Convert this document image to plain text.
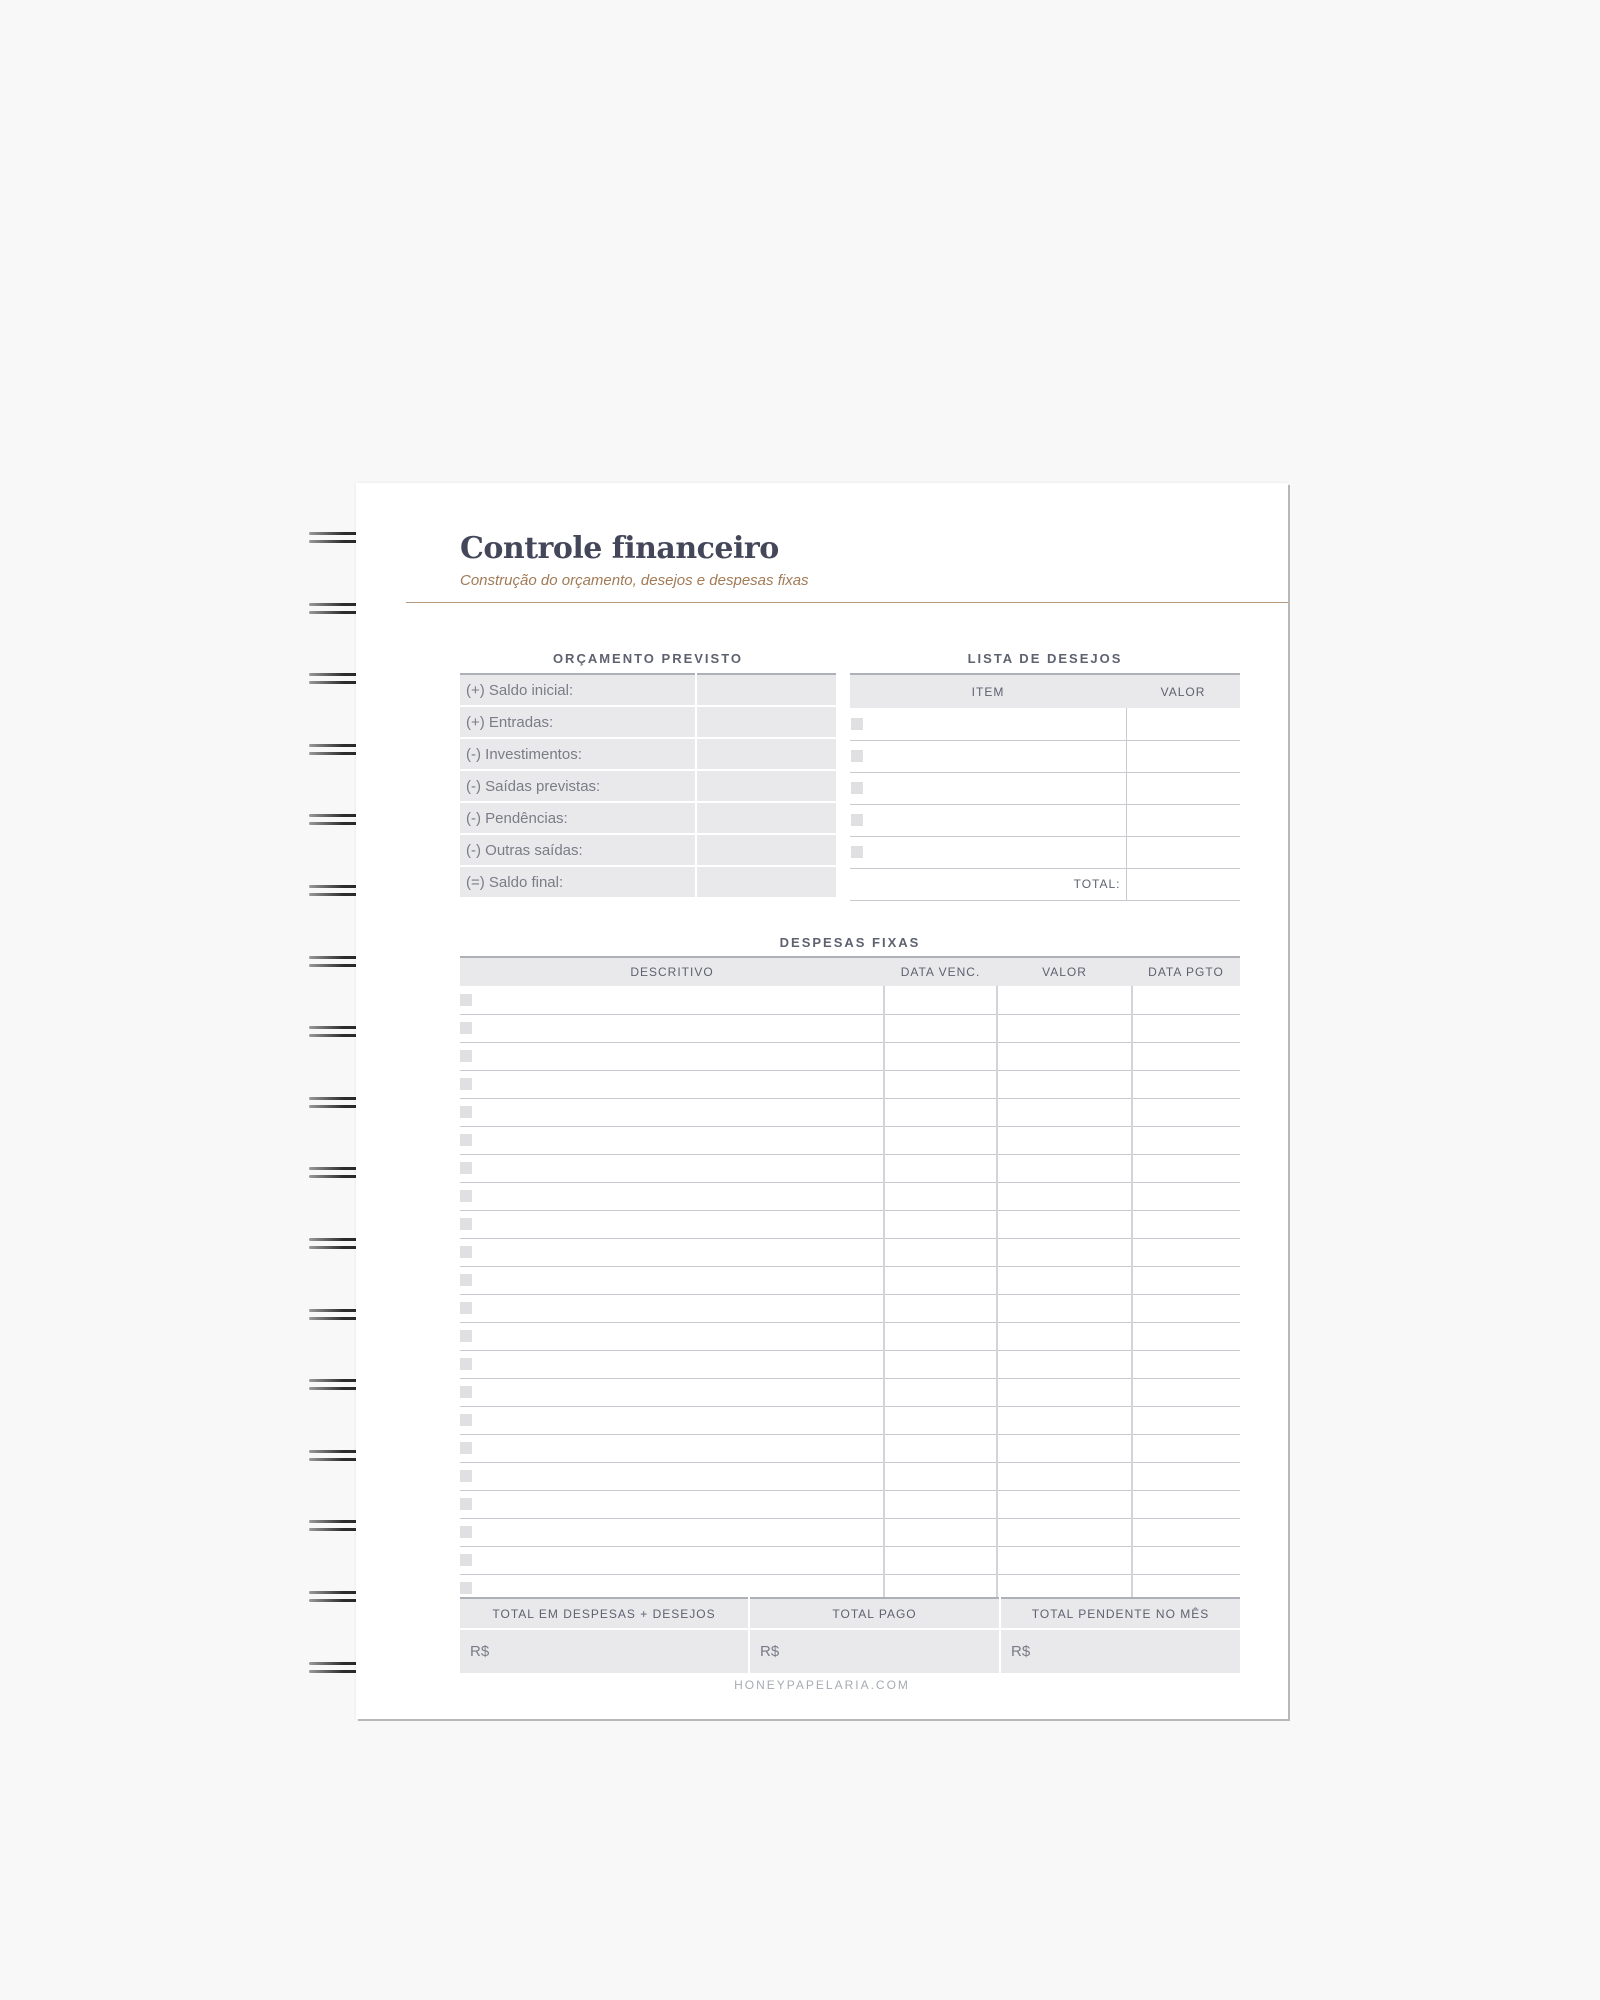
Controle financeiro
Construção do orçamento, desejos e despesas fixas
ORÇAMENTO PREVISTO
(+) Saldo inicial:	
(+) Entradas:	
(-) Investimentos:	
(-) Saídas previstas:	
(-) Pendências:	
(-) Outras saídas:	
(=) Saldo final:	
LISTA DE DESEJOS
ITEM	VALOR

TOTAL:	
DESPESAS FIXAS
DESCRITIVO	DATA VENC.	VALOR	DATA PGTO

TOTAL EM DESPESAS + DESEJOS	TOTAL PAGO	TOTAL PENDENTE NO MÊS
R$	R$	R$
HONEYPAPELARIA.COM
